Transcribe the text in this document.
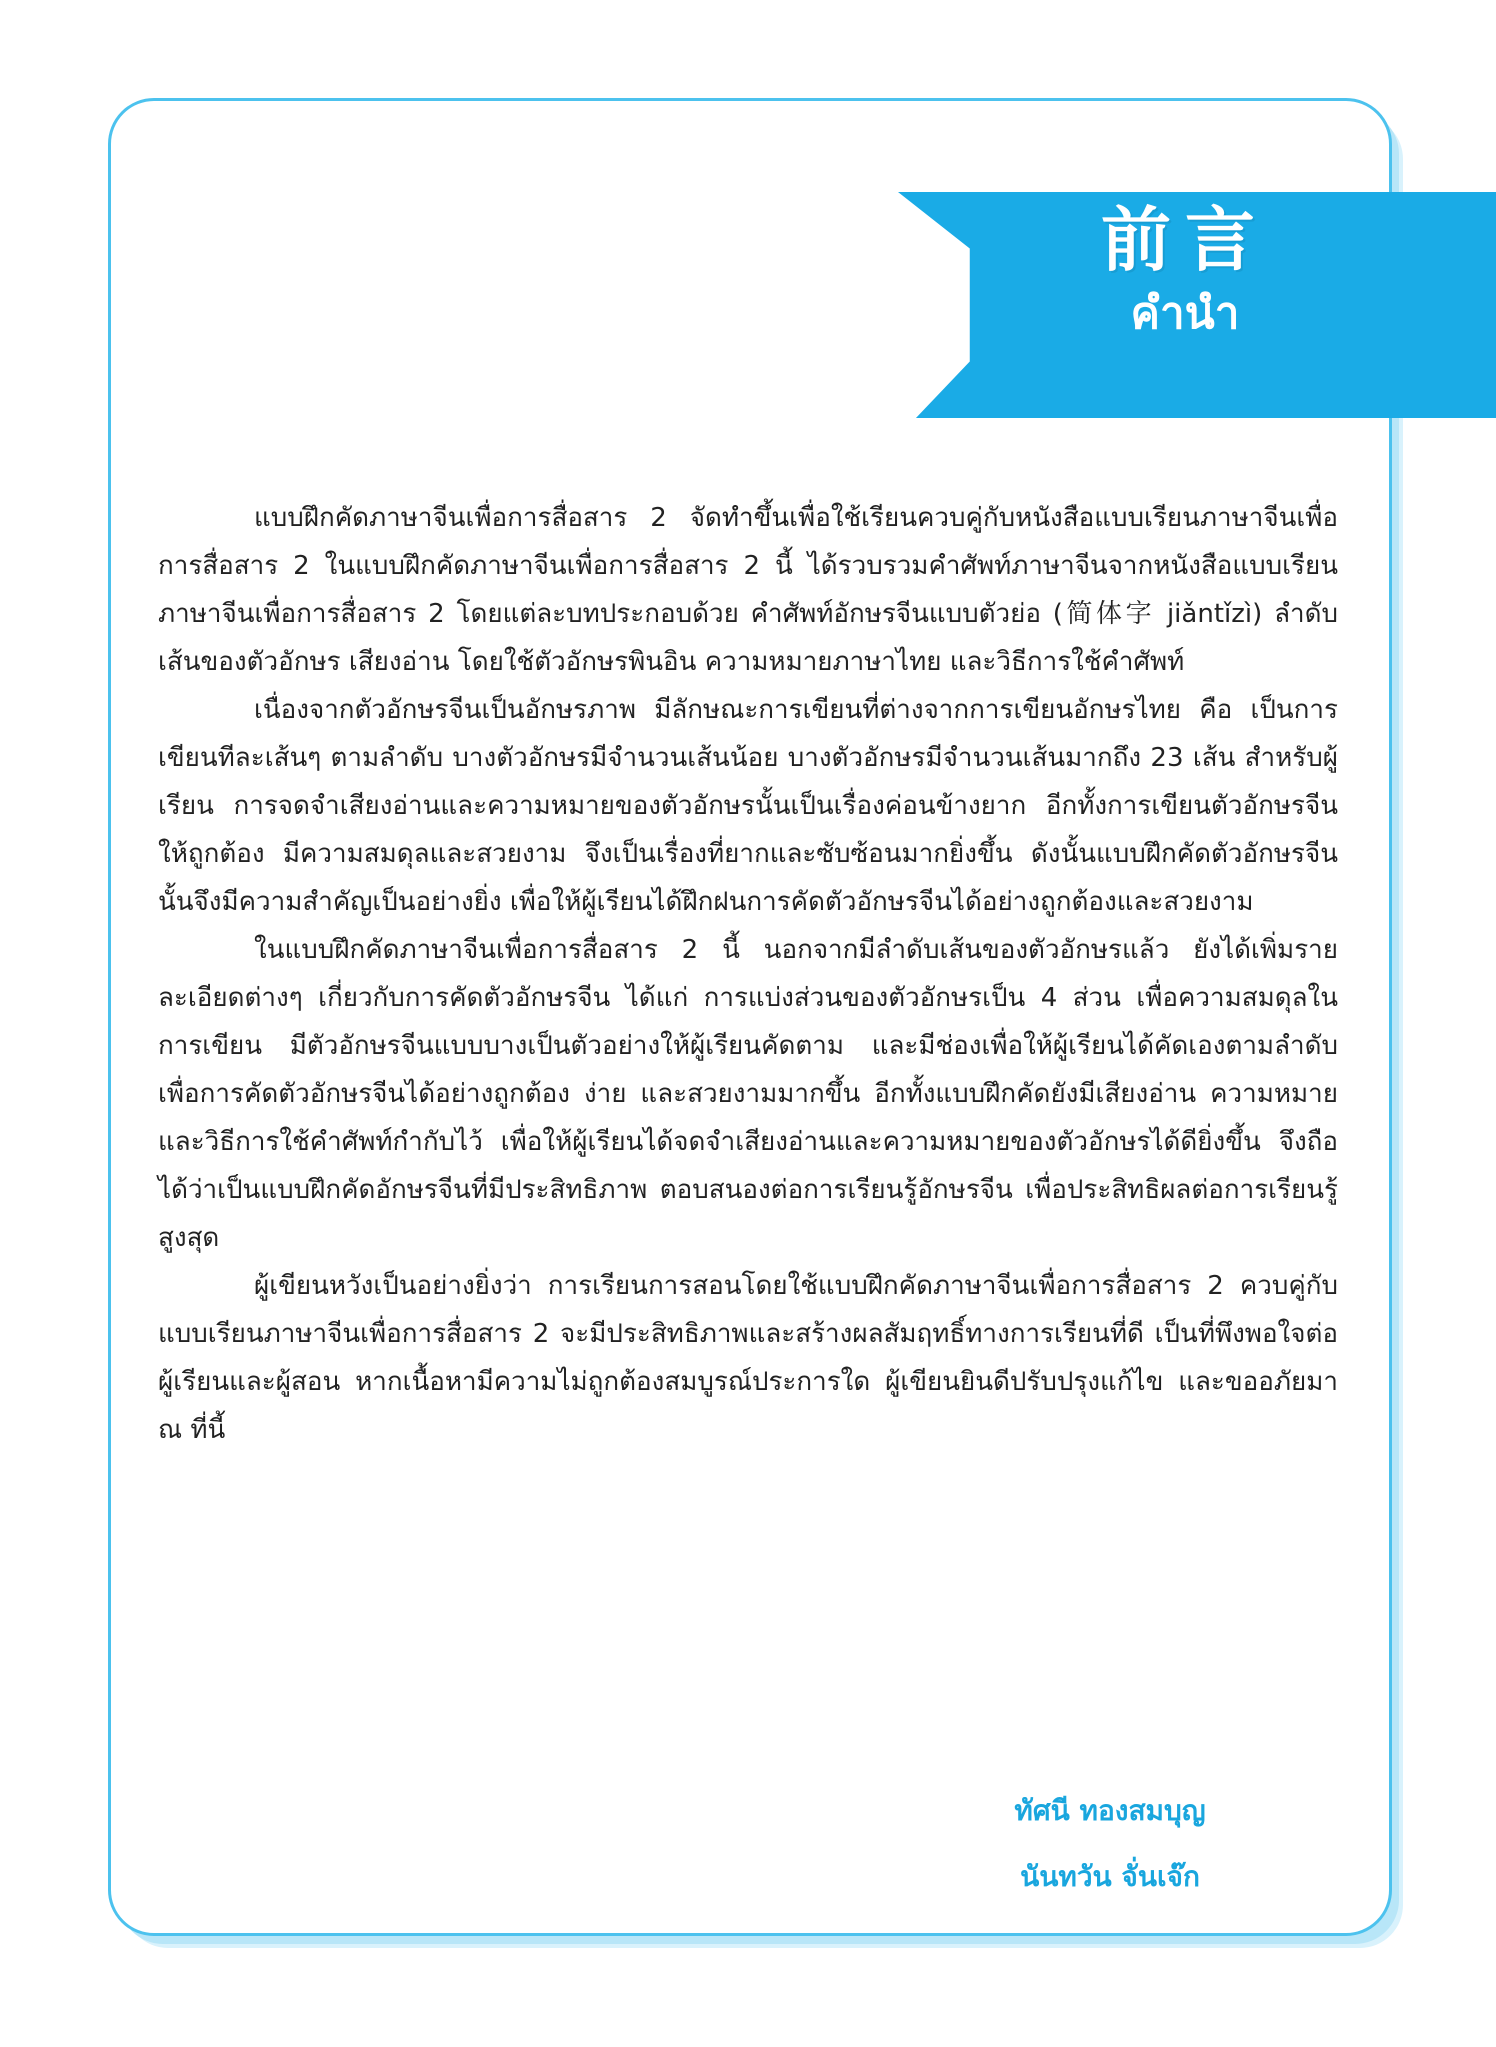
前言
คำนำ

แบบฝึกคัดภาษาจีนเพื่อการสื่อสาร 2 จัดทำขึ้นเพื่อใช้เรียนควบคู่กับหนังสือแบบเรียนภาษาจีนเพื่อการสื่อสาร 2 ในแบบฝึกคัดภาษาจีนเพื่อการสื่อสาร 2 นี้ ได้รวบรวมคำศัพท์ภาษาจีนจากหนังสือแบบเรียนภาษาจีนเพื่อการสื่อสาร 2 โดยแต่ละบทประกอบด้วย คำศัพท์อักษรจีนแบบตัวย่อ (简体字 jiǎntǐzì) ลำดับเส้นของตัวอักษร เสียงอ่าน โดยใช้ตัวอักษรพินอิน ความหมายภาษาไทย และวิธีการใช้คำศัพท์

เนื่องจากตัวอักษรจีนเป็นอักษรภาพ มีลักษณะการเขียนที่ต่างจากการเขียนอักษรไทย คือ เป็นการเขียนทีละเส้นๆ ตามลำดับ บางตัวอักษรมีจำนวนเส้นน้อย บางตัวอักษรมีจำนวนเส้นมากถึง 23 เส้น สำหรับผู้เรียน การจดจำเสียงอ่านและความหมายของตัวอักษรนั้นเป็นเรื่องค่อนข้างยาก อีกทั้งการเขียนตัวอักษรจีนให้ถูกต้อง มีความสมดุลและสวยงาม จึงเป็นเรื่องที่ยากและซับซ้อนมากยิ่งขึ้น ดังนั้นแบบฝึกคัดตัวอักษรจีนนั้นจึงมีความสำคัญเป็นอย่างยิ่ง เพื่อให้ผู้เรียนได้ฝึกฝนการคัดตัวอักษรจีนได้อย่างถูกต้องและสวยงาม

ในแบบฝึกคัดภาษาจีนเพื่อการสื่อสาร 2 นี้ นอกจากมีลำดับเส้นของตัวอักษรแล้ว ยังได้เพิ่มรายละเอียดต่างๆ เกี่ยวกับการคัดตัวอักษรจีน ได้แก่ การแบ่งส่วนของตัวอักษรเป็น 4 ส่วน เพื่อความสมดุลในการเขียน มีตัวอักษรจีนแบบบางเป็นตัวอย่างให้ผู้เรียนคัดตาม และมีช่องเพื่อให้ผู้เรียนได้คัดเองตามลำดับ เพื่อการคัดตัวอักษรจีนได้อย่างถูกต้อง ง่าย และสวยงามมากขึ้น อีกทั้งแบบฝึกคัดยังมีเสียงอ่าน ความหมาย และวิธีการใช้คำศัพท์กำกับไว้ เพื่อให้ผู้เรียนได้จดจำเสียงอ่านและความหมายของตัวอักษรได้ดียิ่งขึ้น จึงถือได้ว่าเป็นแบบฝึกคัดอักษรจีนที่มีประสิทธิภาพ ตอบสนองต่อการเรียนรู้อักษรจีน เพื่อประสิทธิผลต่อการเรียนรู้สูงสุด

ผู้เขียนหวังเป็นอย่างยิ่งว่า การเรียนการสอนโดยใช้แบบฝึกคัดภาษาจีนเพื่อการสื่อสาร 2 ควบคู่กับแบบเรียนภาษาจีนเพื่อการสื่อสาร 2 จะมีประสิทธิภาพและสร้างผลสัมฤทธิ์ทางการเรียนที่ดี เป็นที่พึงพอใจต่อผู้เรียนและผู้สอน หากเนื้อหามีความไม่ถูกต้องสมบูรณ์ประการใด ผู้เขียนยินดีปรับปรุงแก้ไข และขออภัยมา ณ ที่นี้

ทัศนี ทองสมบุญ
นันทวัน จั่นเจ๊ก
